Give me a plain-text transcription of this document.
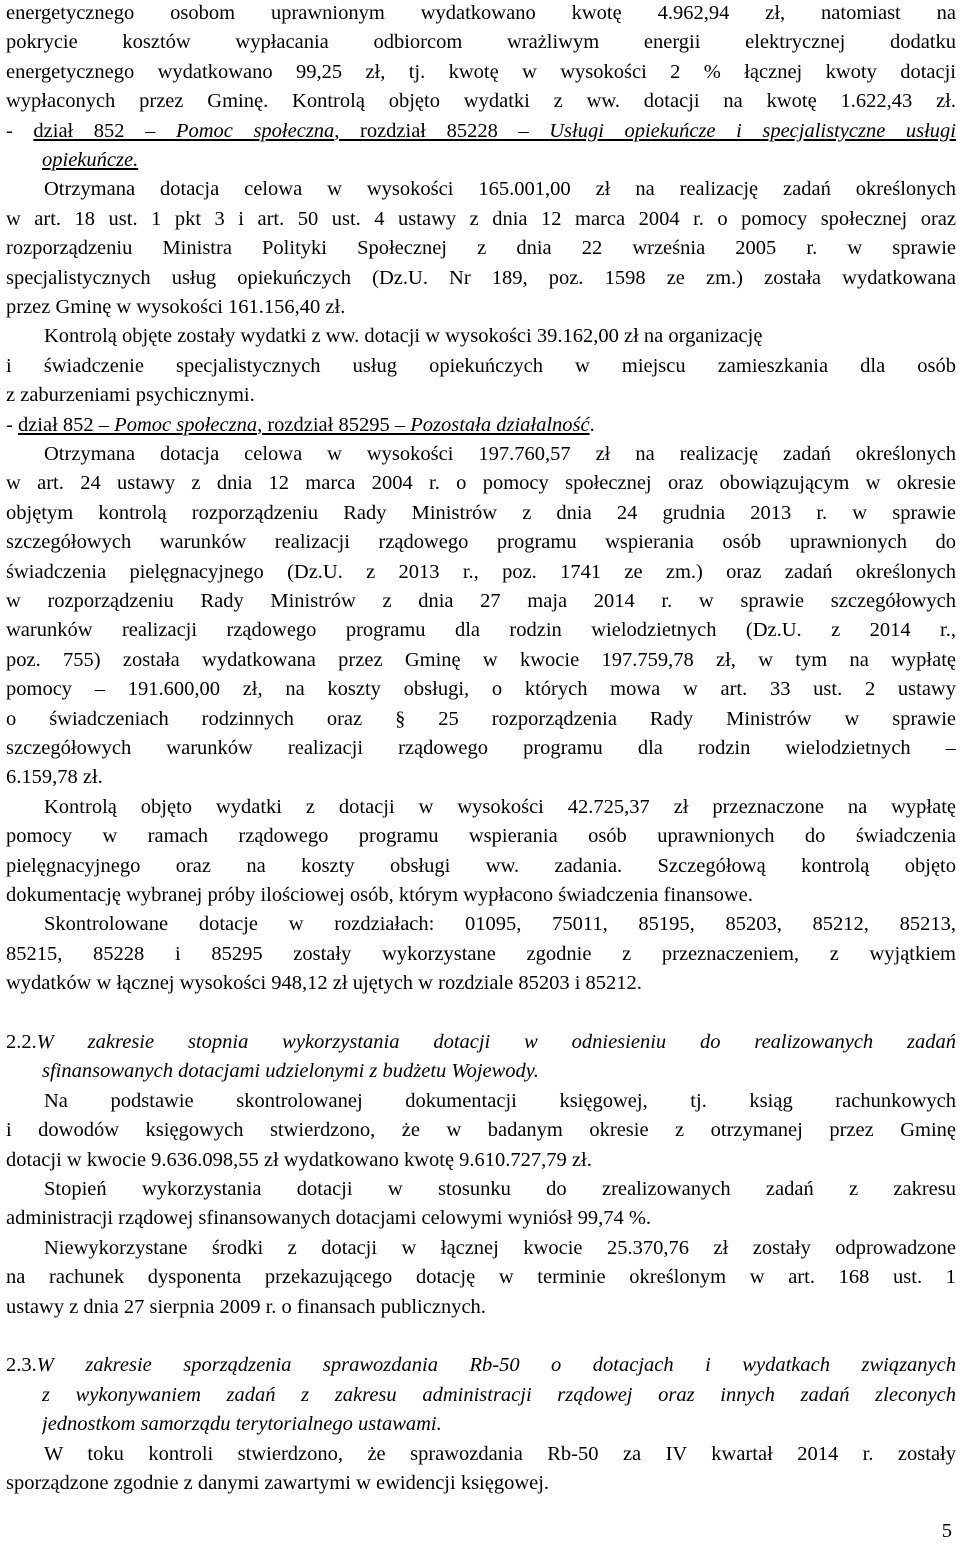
energetycznego osobom uprawnionym wydatkowano kwotę 4.962,94 zł, natomiast na
pokrycie kosztów wypłacania odbiorcom wrażliwym energii elektrycznej dodatku
energetycznego wydatkowano 99,25 zł, tj. kwotę w wysokości 2 % łącznej kwoty dotacji
wypłaconych przez Gminę. Kontrolą objęto wydatki z ww. dotacji na kwotę 1.622,43 zł.
- dział 852 – Pomoc społeczna, rozdział 85228 – Usługi opiekuńcze i specjalistyczne usługi
opiekuńcze.
Otrzymana dotacja celowa w wysokości 165.001,00 zł na realizację zadań określonych
w art. 18 ust. 1 pkt 3 i art. 50 ust. 4 ustawy z dnia 12 marca 2004 r. o pomocy społecznej oraz
rozporządzeniu Ministra Polityki Społecznej z dnia 22 września 2005 r. w sprawie
specjalistycznych usług opiekuńczych (Dz.U. Nr 189, poz. 1598 ze zm.) została wydatkowana
przez Gminę w wysokości 161.156,40 zł.
Kontrolą objęte zostały wydatki z ww. dotacji w wysokości 39.162,00 zł na organizację
i świadczenie specjalistycznych usług opiekuńczych w miejscu zamieszkania dla osób
z zaburzeniami psychicznymi.
- dział 852 – Pomoc społeczna, rozdział 85295 – Pozostała działalność.
Otrzymana dotacja celowa w wysokości 197.760,57 zł na realizację zadań określonych
w art. 24 ustawy z dnia 12 marca 2004 r. o pomocy społecznej oraz obowiązującym w okresie
objętym kontrolą rozporządzeniu Rady Ministrów z dnia 24 grudnia 2013 r. w sprawie
szczegółowych warunków realizacji rządowego programu wspierania osób uprawnionych do
świadczenia pielęgnacyjnego (Dz.U. z 2013 r., poz. 1741 ze zm.) oraz zadań określonych
w rozporządzeniu Rady Ministrów z dnia 27 maja 2014 r. w sprawie szczegółowych
warunków realizacji rządowego programu dla rodzin wielodzietnych (Dz.U. z 2014 r.,
poz. 755) została wydatkowana przez Gminę w kwocie 197.759,78 zł, w tym na wypłatę
pomocy – 191.600,00 zł, na koszty obsługi, o których mowa w art. 33 ust. 2 ustawy
o świadczeniach rodzinnych oraz § 25 rozporządzenia Rady Ministrów w sprawie
szczegółowych warunków realizacji rządowego programu dla rodzin wielodzietnych –
6.159,78 zł.
Kontrolą objęto wydatki z dotacji w wysokości 42.725,37 zł przeznaczone na wypłatę
pomocy w ramach rządowego programu wspierania osób uprawnionych do świadczenia
pielęgnacyjnego oraz na koszty obsługi ww. zadania. Szczegółową kontrolą objęto
dokumentację wybranej próby ilościowej osób, którym wypłacono świadczenia finansowe.
Skontrolowane dotacje w rozdziałach: 01095, 75011, 85195, 85203, 85212, 85213,
85215, 85228 i 85295 zostały wykorzystane zgodnie z przeznaczeniem, z wyjątkiem
wydatków w łącznej wysokości 948,12 zł ujętych w rozdziale 85203 i 85212.
2.2.W zakresie stopnia wykorzystania dotacji w odniesieniu do realizowanych zadań
sfinansowanych dotacjami udzielonymi z budżetu Wojewody.
Na podstawie skontrolowanej dokumentacji księgowej, tj. ksiąg rachunkowych
i dowodów księgowych stwierdzono, że w badanym okresie z otrzymanej przez Gminę
dotacji w kwocie 9.636.098,55 zł wydatkowano kwotę 9.610.727,79 zł.
Stopień wykorzystania dotacji w stosunku do zrealizowanych zadań z zakresu
administracji rządowej sfinansowanych dotacjami celowymi wyniósł 99,74 %.
Niewykorzystane środki z dotacji w łącznej kwocie 25.370,76 zł zostały odprowadzone
na rachunek dysponenta przekazującego dotację w terminie określonym w art. 168 ust. 1
ustawy z dnia 27 sierpnia 2009 r. o finansach publicznych.
2.3.W zakresie sporządzenia sprawozdania Rb-50 o dotacjach i wydatkach związanych
z wykonywaniem zadań z zakresu administracji rządowej oraz innych zadań zleconych
jednostkom samorządu terytorialnego ustawami.
W toku kontroli stwierdzono, że sprawozdania Rb-50 za IV kwartał 2014 r. zostały
sporządzone zgodnie z danymi zawartymi w ewidencji księgowej.
5
